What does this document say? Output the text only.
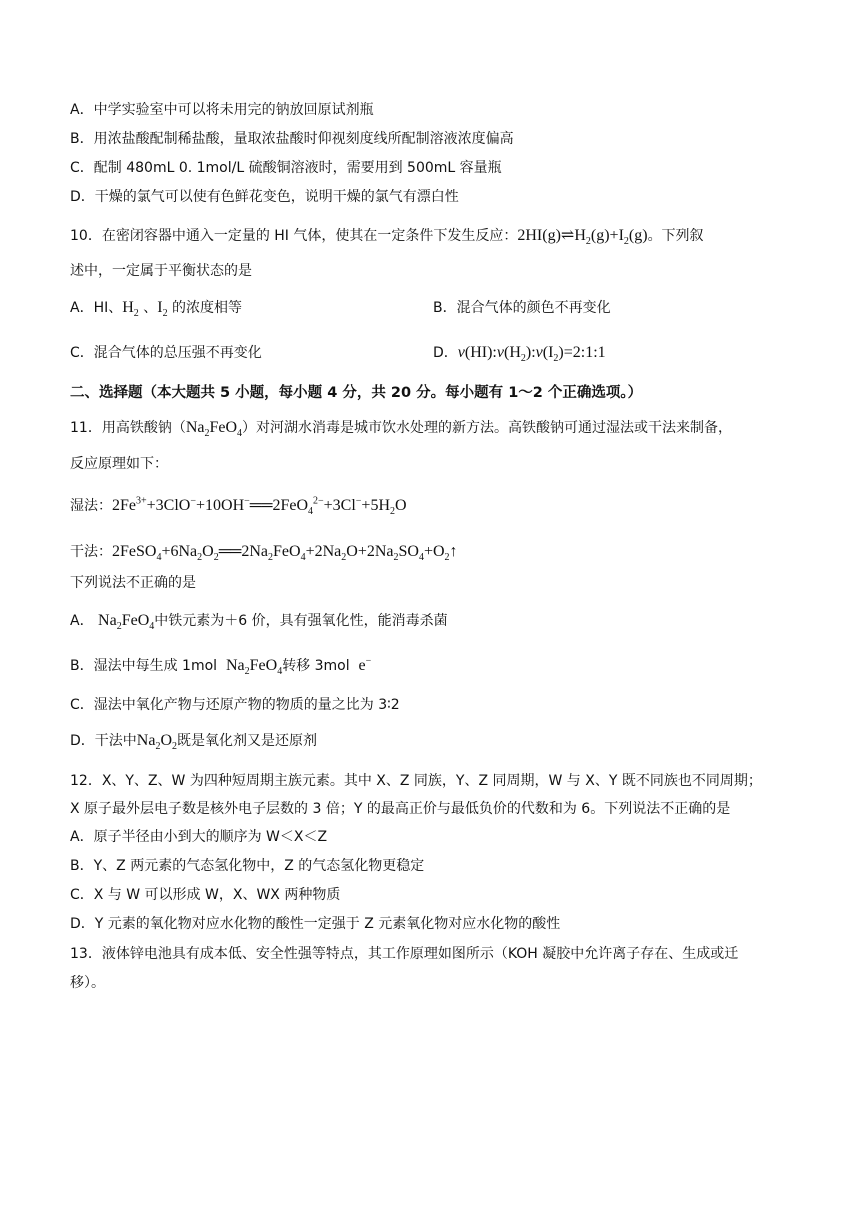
A．中学实验室中可以将未用完的钠放回原试剂瓶
B．用浓盐酸配制稀盐酸，量取浓盐酸时仰视刻度线所配制溶液浓度偏高
C．配制 480mL 0. 1mol/L 硫酸铜溶液时，需要用到 500mL 容量瓶
D．干燥的氯气可以使有色鲜花变色，说明干燥的氯气有漂白性
10．在密闭容器中通入一定量的 HI 气体，使其在一定条件下发生反应：$2HI(g)\rightleftharpoons H_2(g)+I_2(g)$。下列叙
述中，一定属于平衡状态的是
A．HI、$H_2$ 、$I_2$ 的浓度相等	B．混合气体的颜色不再变化
C．混合气体的总压强不再变化	D．$v(HI):v(H_2):v(I_2)=2:1:1$
二、选择题（本大题共 5 小题，每小题 4 分，共 20 分。每小题有 1～2 个正确选项。）
11．用高铁酸钠$(Na_2FeO_4)$对河湖水消毒是城市饮水处理的新方法。高铁酸钠可通过湿法或干法来制备，
反应原理如下：
湿法：$2Fe^{3+}+3ClO^-+10OH^-══2FeO_4^{2-}+3Cl^-+5H_2O$
干法：$2FeSO_4+6Na_2O_2══2Na_2FeO_4+2Na_2O+2Na_2SO_4+O_2↑$
下列说法不正确的是
A． $Na_2FeO_4$中铁元素为＋6 价，具有强氧化性，能消毒杀菌
B．湿法中每生成 1mol $Na_2FeO_4$转移 3mol e−
C．湿法中氧化产物与还原产物的物质的量之比为 3∶2
D．干法中$Na_2O_2$既是氧化剂又是还原剂
12．X、Y、Z、W 为四种短周期主族元素。其中 X、Z 同族，Y、Z 同周期，W 与 X、Y 既不同族也不同周期；
X 原子最外层电子数是核外电子层数的 3 倍；Y 的最高正价与最低负价的代数和为 6。下列说法不正确的是
A．原子半径由小到大的顺序为 W＜X＜Z
B．Y、Z 两元素的气态氢化物中，Z 的气态氢化物更稳定
C．X 与 W 可以形成 W，X、WX 两种物质
D．Y 元素的氧化物对应水化物的酸性一定强于 Z 元素氧化物对应水化物的酸性
13．液体锌电池具有成本低、安全性强等特点，其工作原理如图所示（KOH 凝胶中允许离子存在、生成或迁
移）。
